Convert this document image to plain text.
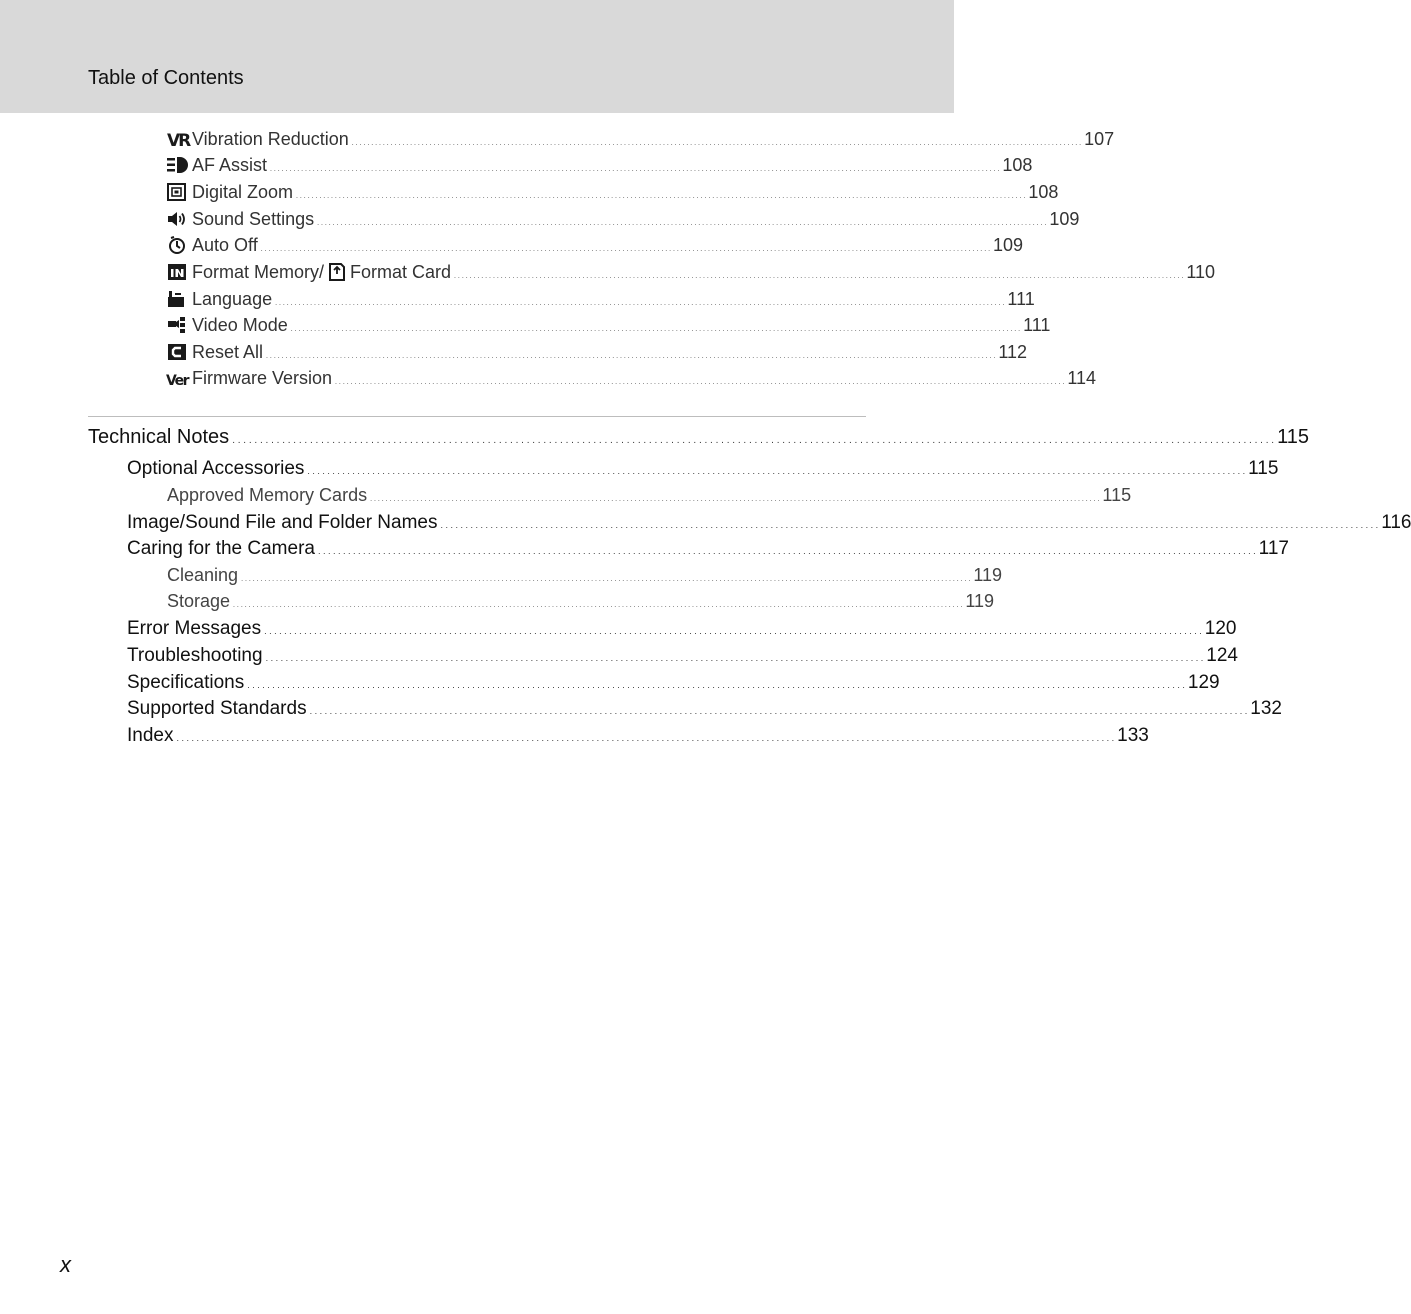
Table of Contents
VR Vibration Reduction . . .	107
AF Assist . . .	108
Digital Zoom . . .	108
Sound Settings . . .	109
Auto Off . . .	109
Format Memory/ Format Card . . .	110
Language . . .	111
Video Mode . . .	111
Reset All . . .	112
Ver Firmware Version . . .	114
Technical Notes . . .	115
Optional Accessories . . .	115
Approved Memory Cards . . .	115
Image/Sound File and Folder Names . . .	116
Caring for the Camera . . .	117
Cleaning . . .	119
Storage . . .	119
Error Messages . . .	120
Troubleshooting . . .	124
Specifications . . .	129
Supported Standards . . .	132
Index . . .	133
x
